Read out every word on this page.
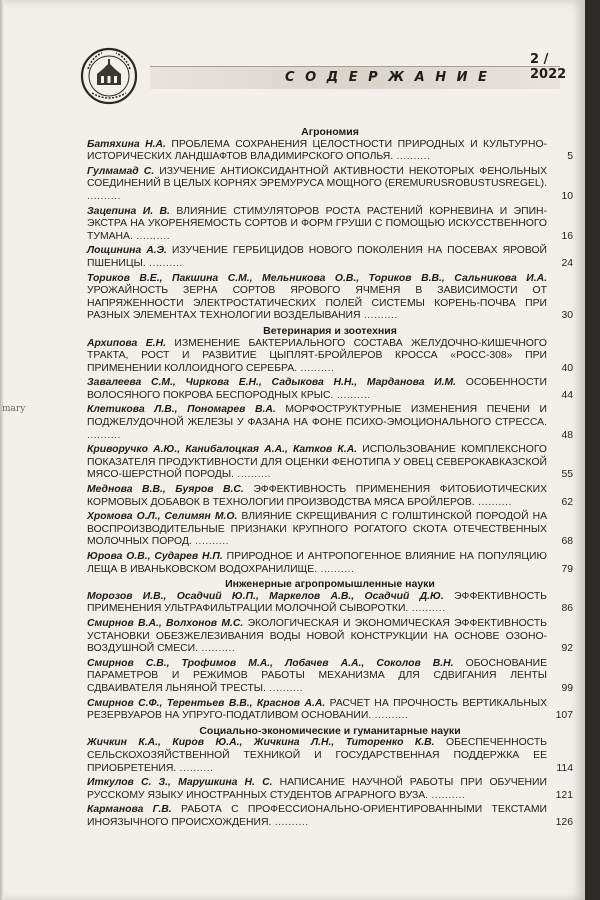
mary
С О Д Е Р Ж А Н И Е
2 / 2022
Агрономия
Батяхина Н.А. ПРОБЛЕМА СОХРАНЕНИЯ ЦЕЛОСТНОСТИ ПРИРОДНЫХ И КУЛЬТУРНО-ИСТОРИЧЕСКИХ ЛАНДШАФТОВ ВЛАДИМИРСКОГО ОПОЛЬЯ. ..........	5
Гулмамад С. ИЗУЧЕНИЕ АНТИОКСИДАНТНОЙ АКТИВНОСТИ НЕКОТОРЫХ ФЕНОЛЬНЫХ СОЕДИНЕНИЙ В ЦЕЛЫХ КОРНЯХ ЭРЕМУРУСА МОЩНОГО (EREMURUSROBUSTUSREGEL). ..........	10
Зацепина И. В. ВЛИЯНИЕ СТИМУЛЯТОРОВ РОСТА РАСТЕНИЙ КОРНЕВИНА И ЭПИН-ЭКСТРА НА УКОРЕНЯЕМОСТЬ СОРТОВ И ФОРМ ГРУШИ С ПОМОЩЬЮ ИСКУССТВЕННОГО ТУМАНА. ..........	16
Лощинина А.Э. ИЗУЧЕНИЕ ГЕРБИЦИДОВ НОВОГО ПОКОЛЕНИЯ НА ПОСЕВАХ ЯРОВОЙ ПШЕНИЦЫ. ..........	24
Ториков В.Е., Пакшина С.М., Мельникова О.В., Ториков В.В., Сальникова И.А. УРОЖАЙНОСТЬ ЗЕРНА СОРТОВ ЯРОВОГО ЯЧМЕНЯ В ЗАВИСИМОСТИ ОТ НАПРЯЖЕННОСТИ ЭЛЕКТРОСТАТИЧЕСКИХ ПОЛЕЙ СИСТЕМЫ КОРЕНЬ-ПОЧВА ПРИ РАЗНЫХ ЭЛЕМЕНТАХ ТЕХНОЛОГИИ ВОЗДЕЛЫВАНИЯ ..........	30
Ветеринария и зоотехния
Архипова Е.Н. ИЗМЕНЕНИЕ БАКТЕРИАЛЬНОГО СОСТАВА ЖЕЛУДОЧНО-КИШЕЧНОГО ТРАКТА, РОСТ И РАЗВИТИЕ ЦЫПЛЯТ-БРОЙЛЕРОВ КРОССА «РОСС-308» ПРИ ПРИМЕНЕНИИ КОЛЛОИДНОГО СЕРЕБРА. ..........	40
Завалеева С.М., Чиркова Е.Н., Садыкова Н.Н., Марданова И.М. ОСОБЕННОСТИ ВОЛОСЯНОГО ПОКРОВА БЕСПОРОДНЫХ КРЫС. ..........	44
Клетикова Л.В., Пономарев В.А. МОРФОСТРУКТУРНЫЕ ИЗМЕНЕНИЯ ПЕЧЕНИ И ПОДЖЕЛУДОЧНОЙ ЖЕЛЕЗЫ У ФАЗАНА НА ФОНЕ ПСИХО-ЭМОЦИОНАЛЬНОГО СТРЕССА. ..........	48
Криворучко А.Ю., Канибалоцкая А.А., Катков К.А. ИСПОЛЬЗОВАНИЕ КОМПЛЕКСНОГО ПОКАЗАТЕЛЯ ПРОДУКТИВНОСТИ ДЛЯ ОЦЕНКИ ФЕНОТИПА У ОВЕЦ СЕВЕРОКАВКАЗСКОЙ МЯСО-ШЕРСТНОЙ ПОРОДЫ. ..........	55
Меднова В.В., Буяров В.С. ЭФФЕКТИВНОСТЬ ПРИМЕНЕНИЯ ФИТОБИОТИЧЕСКИХ КОРМОВЫХ ДОБАВОК В ТЕХНОЛОГИИ ПРОИЗВОДСТВА МЯСА БРОЙЛЕРОВ. ..........	62
Хромова О.Л., Селимян М.О. ВЛИЯНИЕ СКРЕЩИВАНИЯ С ГОЛШТИНСКОЙ ПОРОДОЙ НА ВОСПРОИЗВОДИТЕЛЬНЫЕ ПРИЗНАКИ КРУПНОГО РОГАТОГО СКОТА ОТЕЧЕСТВЕННЫХ МОЛОЧНЫХ ПОРОД. ..........	68
Юрова О.В., Сударев Н.П. ПРИРОДНОЕ И АНТРОПОГЕННОЕ ВЛИЯНИЕ НА ПОПУЛЯЦИЮ ЛЕЩА В ИВАНЬКОВСКОМ ВОДОХРАНИЛИЩЕ. ..........	79
Инженерные агропромышленные науки
Морозов И.В., Осадчий Ю.П., Маркелов А.В., Осадчий Д.Ю. ЭФФЕКТИВНОСТЬ ПРИМЕНЕНИЯ УЛЬТРАФИЛЬТРАЦИИ МОЛОЧНОЙ СЫВОРОТКИ. ..........	86
Смирнов В.А., Волхонов М.С. ЭКОЛОГИЧЕСКАЯ И ЭКОНОМИЧЕСКАЯ ЭФФЕКТИВНОСТЬ УСТАНОВКИ ОБЕЗЖЕЛЕЗИВАНИЯ ВОДЫ НОВОЙ КОНСТРУКЦИИ НА ОСНОВЕ ОЗОНО-ВОЗДУШНОЙ СМЕСИ. ..........	92
Смирнов С.В., Трофимов М.А., Лобачев А.А., Соколов В.Н. ОБОСНОВАНИЕ ПАРАМЕТРОВ И РЕЖИМОВ РАБОТЫ МЕХАНИЗМА ДЛЯ СДВИГАНИЯ ЛЕНТЫ СДВАИВАТЕЛЯ ЛЬНЯНОЙ ТРЕСТЫ. ..........	99
Смирнов С.Ф., Терентьев В.В., Краснов А.А. РАСЧЕТ НА ПРОЧНОСТЬ ВЕРТИКАЛЬНЫХ РЕЗЕРВУАРОВ НА УПРУГО-ПОДАТЛИВОМ ОСНОВАНИИ. ..........	107
Социально-экономические и гуманитарные науки
Жичкин К.А., Киров Ю.А., Жичкина Л.Н., Титоренко К.В. ОБЕСПЕЧЕННОСТЬ СЕЛЬСКОХОЗЯЙСТВЕННОЙ ТЕХНИКОЙ И ГОСУДАРСТВЕННАЯ ПОДДЕРЖКА ЕЕ ПРИОБРЕТЕНИЯ. ..........	114
Иткулов С. З., Марушкина Н. С. НАПИСАНИЕ НАУЧНОЙ РАБОТЫ ПРИ ОБУЧЕНИИ РУССКОМУ ЯЗЫКУ ИНОСТРАННЫХ СТУДЕНТОВ АГРАРНОГО ВУЗА. ..........	121
Карманова Г.В. РАБОТА С ПРОФЕССИОНАЛЬНО-ОРИЕНТИРОВАННЫМИ ТЕКСТАМИ ИНОЯЗЫЧНОГО ПРОИСХОЖДЕНИЯ. ..........	126
